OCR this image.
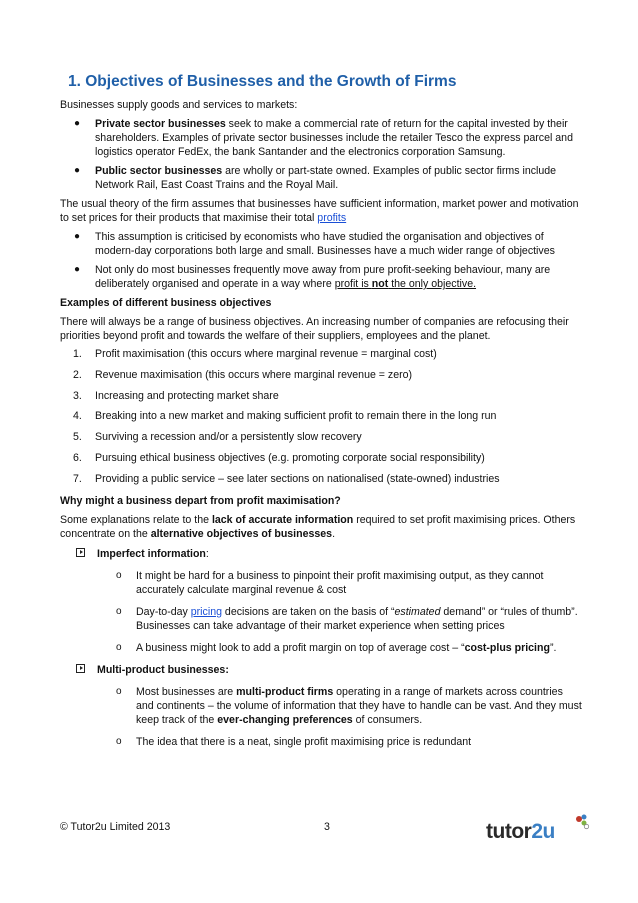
1. Objectives of Businesses and the Growth of Firms

Businesses supply goods and services to markets:

● Private sector businesses seek to make a commercial rate of return for the capital invested by their shareholders. Examples of private sector businesses include the retailer Tesco the express parcel and logistics operator FedEx, the bank Santander and the electronics corporation Samsung.
● Public sector businesses are wholly or part-state owned. Examples of public sector firms include Network Rail, East Coast Trains and the Royal Mail.

The usual theory of the firm assumes that businesses have sufficient information, market power and motivation to set prices for their products that maximise their total profits

● This assumption is criticised by economists who have studied the organisation and objectives of modern-day corporations both large and small. Businesses have a much wider range of objectives
● Not only do most businesses frequently move away from pure profit-seeking behaviour, many are deliberately organised and operate in a way where profit is not the only objective.

Examples of different business objectives

There will always be a range of business objectives. An increasing number of companies are refocusing their priorities beyond profit and towards the welfare of their suppliers, employees and the planet.

1. Profit maximisation (this occurs where marginal revenue = marginal cost)
2. Revenue maximisation (this occurs where marginal revenue = zero)
3. Increasing and protecting market share
4. Breaking into a new market and making sufficient profit to remain there in the long run
5. Surviving a recession and/or a persistently slow recovery
6. Pursuing ethical business objectives (e.g. promoting corporate social responsibility)
7. Providing a public service – see later sections on nationalised (state-owned) industries

Why might a business depart from profit maximisation?

Some explanations relate to the lack of accurate information required to set profit maximising prices. Others concentrate on the alternative objectives of businesses.

Imperfect information:
o It might be hard for a business to pinpoint their profit maximising output, as they cannot accurately calculate marginal revenue & cost
o Day-to-day pricing decisions are taken on the basis of “estimated demand” or “rules of thumb”. Businesses can take advantage of their market experience when setting prices
o A business might look to add a profit margin on top of average cost – “cost-plus pricing”.
Multi-product businesses:
o Most businesses are multi-product firms operating in a range of markets across countries and continents – the volume of information that they have to handle can be vast. And they must keep track of the ever-changing preferences of consumers.
o The idea that there is a neat, single profit maximising price is redundant
© Tutor2u Limited 2013	3	tutor2u
